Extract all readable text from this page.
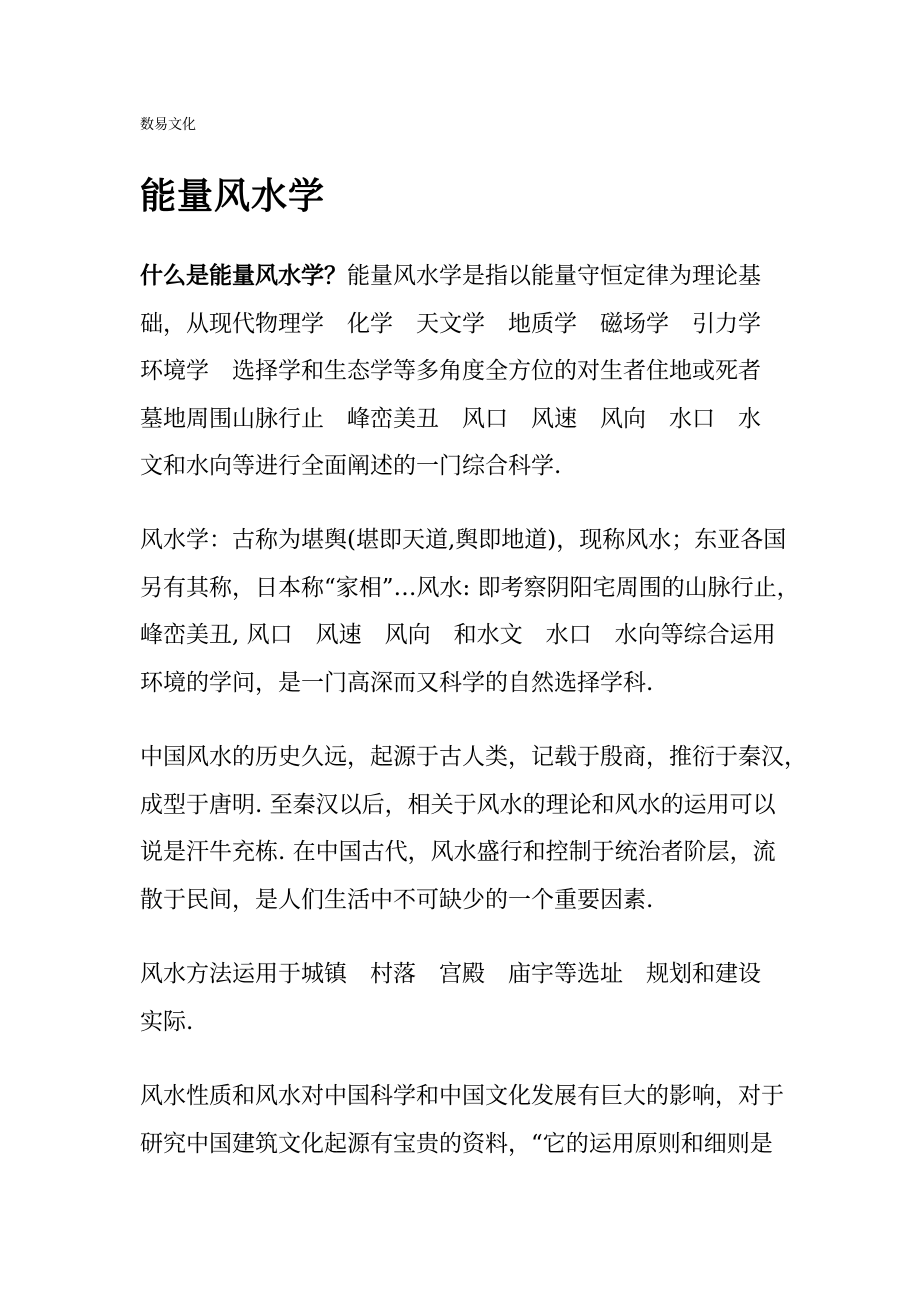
数易文化
能量风水学
什么是能量风水学？能量风水学是指以能量守恒定律为理论基
础，从现代物理学　化学　天文学　地质学　磁场学　引力学
环境学　选择学和生态学等多角度全方位的对生者住地或死者
墓地周围山脉行止　峰峦美丑　风口　风速　风向　水口　水
文和水向等进行全面阐述的一门综合科学.
风水学：古称为堪舆(堪即天道,舆即地道)，现称风水；东亚各国
另有其称，日本称“家相”…风水: 即考察阴阳宅周围的山脉行止，
峰峦美丑, 风口　风速　风向　和水文　水口　水向等综合运用
环境的学问，是一门高深而又科学的自然选择学科.
中国风水的历史久远，起源于古人类，记载于殷商，推衍于秦汉，
成型于唐明. 至秦汉以后，相关于风水的理论和风水的运用可以
说是汗牛充栋. 在中国古代，风水盛行和控制于统治者阶层，流
散于民间，是人们生活中不可缺少的一个重要因素.
风水方法运用于城镇　村落　宫殿　庙宇等选址　规划和建设
实际.
风水性质和风水对中国科学和中国文化发展有巨大的影响，对于
研究中国建筑文化起源有宝贵的资料，“它的运用原则和细则是
